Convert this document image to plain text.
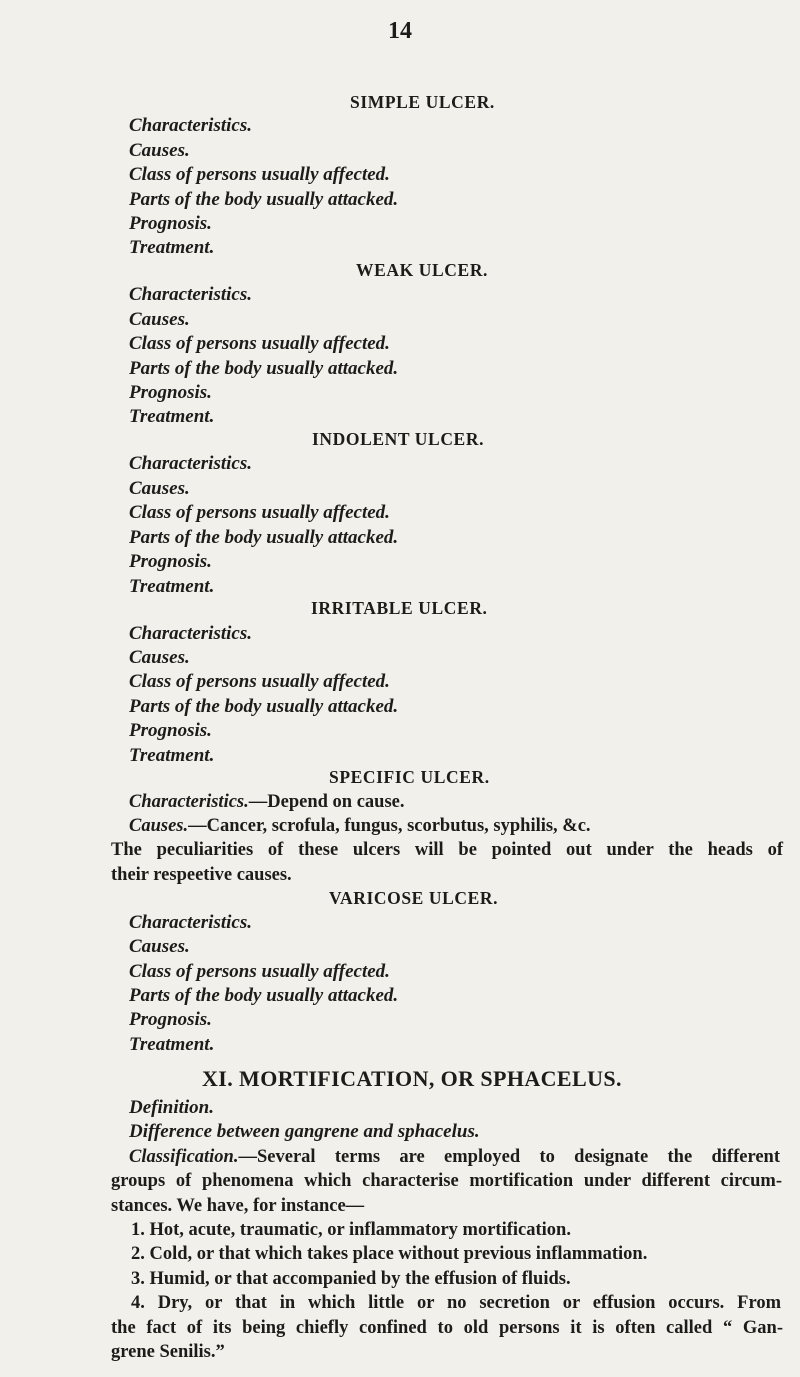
14
SIMPLE ULCER.
Characteristics.
Causes.
Class of persons usually affected.
Parts of the body usually attacked.
Prognosis.
Treatment.
WEAK ULCER.
Characteristics.
Causes.
Class of persons usually affected.
Parts of the body usually attacked.
Prognosis.
Treatment.
INDOLENT ULCER.
Characteristics.
Causes.
Class of persons usually affected.
Parts of the body usually attacked.
Prognosis.
Treatment.
IRRITABLE ULCER.
Characteristics.
Causes.
Class of persons usually affected.
Parts of the body usually attacked.
Prognosis.
Treatment.
SPECIFIC ULCER.
Characteristics.—Depend on cause.
Causes.—Cancer, scrofula, fungus, scorbutus, syphilis, &c.
The peculiarities of these ulcers will be pointed out under the heads of
their respeetive causes.
VARICOSE ULCER.
Characteristics.
Causes.
Class of persons usually affected.
Parts of the body usually attacked.
Prognosis.
Treatment.
XI. MORTIFICATION, OR SPHACELUS.
Definition.
Difference between gangrene and sphacelus.
Classification.—Several terms are employed to designate the different
groups of phenomena which characterise mortification under different circum-
stances. We have, for instance—
1. Hot, acute, traumatic, or inflammatory mortification.
2. Cold, or that which takes place without previous inflammation.
3. Humid, or that accompanied by the effusion of fluids.
4. Dry, or that in which little or no secretion or effusion occurs. From
the fact of its being chiefly confined to old persons it is often called “ Gan-
grene Senilis.”
